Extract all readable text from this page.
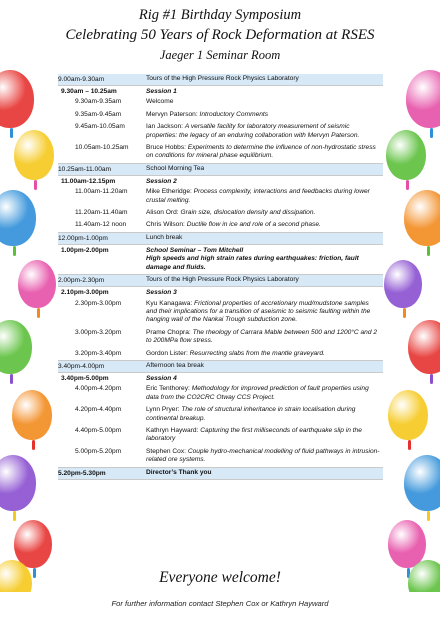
Rig #1 Birthday Symposium
Celebrating 50 Years of Rock Deformation at RSES
Jaeger 1 Seminar Room
9.00am-9.30am	Tours of the High Pressure Rock Physics Laboratory
9.30am – 10.25am	Session 1
9.30am-9.35am	Welcome
9.35am-9.45am	Mervyn Paterson: Introductory Comments
9.45am-10.05am	Ian Jackson: A versatile facility for laboratory measurement of seismic properties: the legacy of an enduring collaboration with Mervyn Paterson.
10.05am-10.25am	Bruce Hobbs: Experiments to determine the influence of non-hydrostatic stress on conditions for mineral phase equilibrium.
10.25am-11.00am	School Morning Tea
11.00am-12.15pm	Session 2
11.00am-11.20am	Mike Etheridge: Process complexity, interactions and feedbacks during lower crustal melting.
11.20am-11.40am	Alison Ord: Grain size, dislocation density and dissipation.
11.40am-12 noon	Chris Wilson: Ductile flow in ice and role of a second phase.
12.00pm-1.00pm	Lunch break
1.00pm-2.00pm	School Seminar – Tom Mitchell
High speeds and high strain rates during earthquakes: friction, fault damage and fluids.
2.00pm-2.30pm	Tours of the High Pressure Rock Physics Laboratory
2.10pm-3.00pm	Session 3
2.30pm-3.00pm	Kyu Kanagawa: Frictional properties of accretionary mud/mudstone samples and their implications for a transition of aseismic to seismic faulting within the hanging wall of the Nankai Trough subduction zone.
3.00pm-3.20pm	Prame Chopra: The rheology of Carrara Mable between 500 and 1200°C and 2 to 200MPa flow stress.
3.20pm-3.40pm	Gordon Lister: Resurrecting slabs from the mantle graveyard.
3.40pm-4.00pm	Afternoon tea break
3.40pm-5.00pm	Session 4
4.00pm-4.20pm	Eric Tenthorey: Methodology for improved prediction of fault properties using data from the CO2CRC Otway CCS Project.
4.20pm-4.40pm	Lynn Pryer: The role of structural inheritance in strain localisation during continental breakup.
4.40pm-5.00pm	Kathryn Hayward: Capturing the first milliseconds of earthquake slip in the laboratory
5.00pm-5.20pm	Stephen Cox: Couple hydro-mechanical modelling of fluid pathways in intrusion-related ore systems.
5.20pm-5.30pm	Director’s Thank you
Everyone welcome!
For further information contact Stephen Cox or Kathryn Hayward
